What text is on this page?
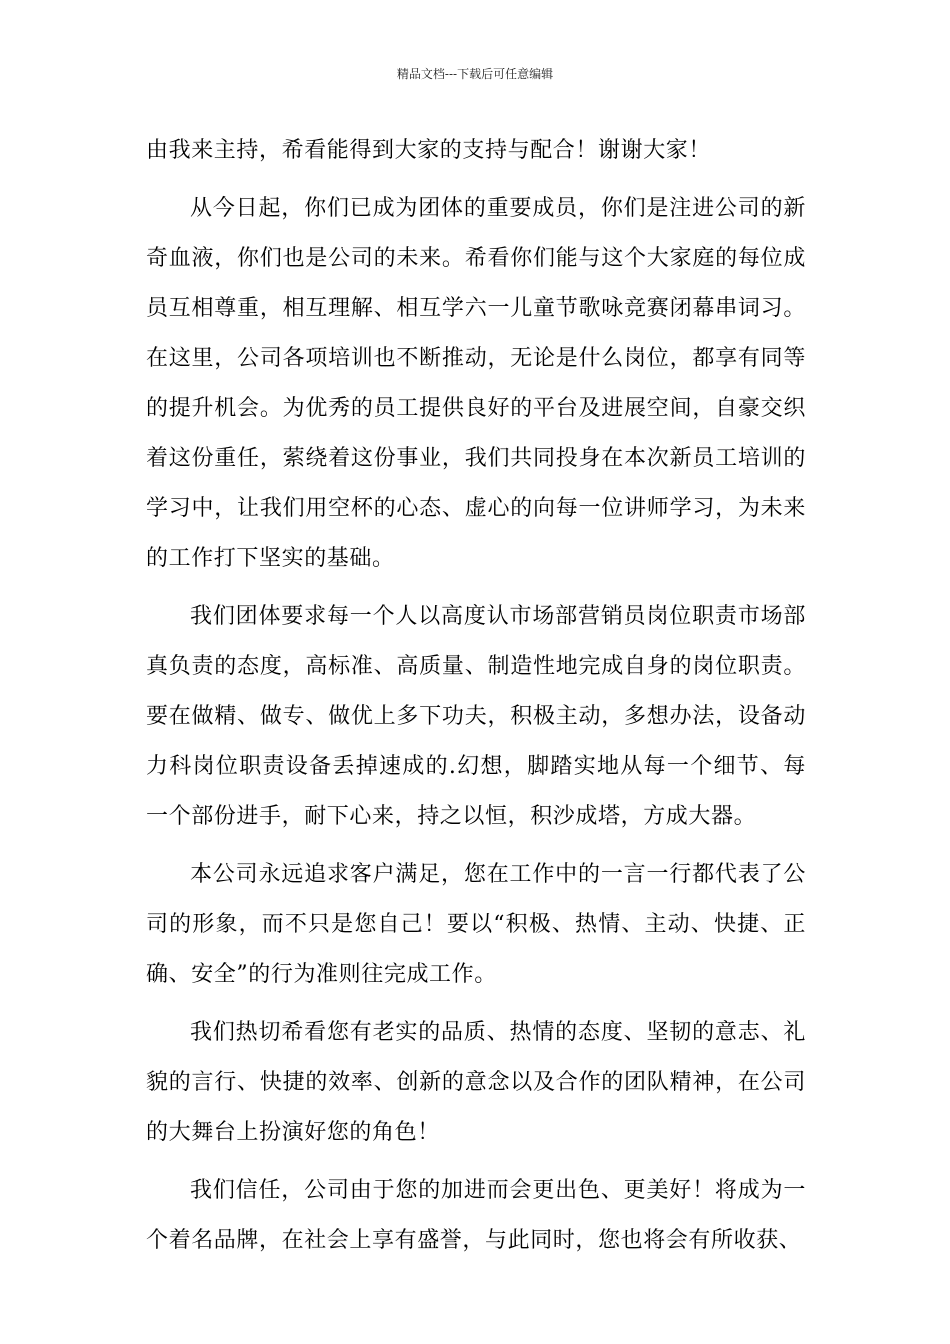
精品文档---下载后可任意编辑

由我来主持，希看能得到大家的支持与配合！谢谢大家！

从今日起，你们已成为团体的重要成员，你们是注进公司的新奇血液，你们也是公司的未来。希看你们能与这个大家庭的每位成员互相尊重，相互理解、相互学六一儿童节歌咏竞赛闭幕串词习。在这里，公司各项培训也不断推动，无论是什么岗位，都享有同等的提升机会。为优秀的员工提供良好的平台及进展空间，自豪交织着这份重任，萦绕着这份事业，我们共同投身在本次新员工培训的学习中，让我们用空杯的心态、虚心的向每一位讲师学习，为未来的工作打下坚实的基础。

我们团体要求每一个人以高度认市场部营销员岗位职责市场部真负责的态度，高标准、高质量、制造性地完成自身的岗位职责。要在做精、做专、做优上多下功夫，积极主动，多想办法，设备动力科岗位职责设备丢掉速成的.幻想，脚踏实地从每一个细节、每一个部份进手，耐下心来，持之以恒，积沙成塔，方成大器。

本公司永远追求客户满足，您在工作中的一言一行都代表了公司的形象，而不只是您自己！要以“积极、热情、主动、快捷、正确、安全”的行为准则往完成工作。

我们热切希看您有老实的品质、热情的态度、坚韧的意志、礼貌的言行、快捷的效率、创新的意念以及合作的团队精神，在公司的大舞台上扮演好您的角色！

我们信任，公司由于您的加进而会更出色、更美好！将成为一个着名品牌，在社会上享有盛誉，与此同时，您也将会有所收获、
